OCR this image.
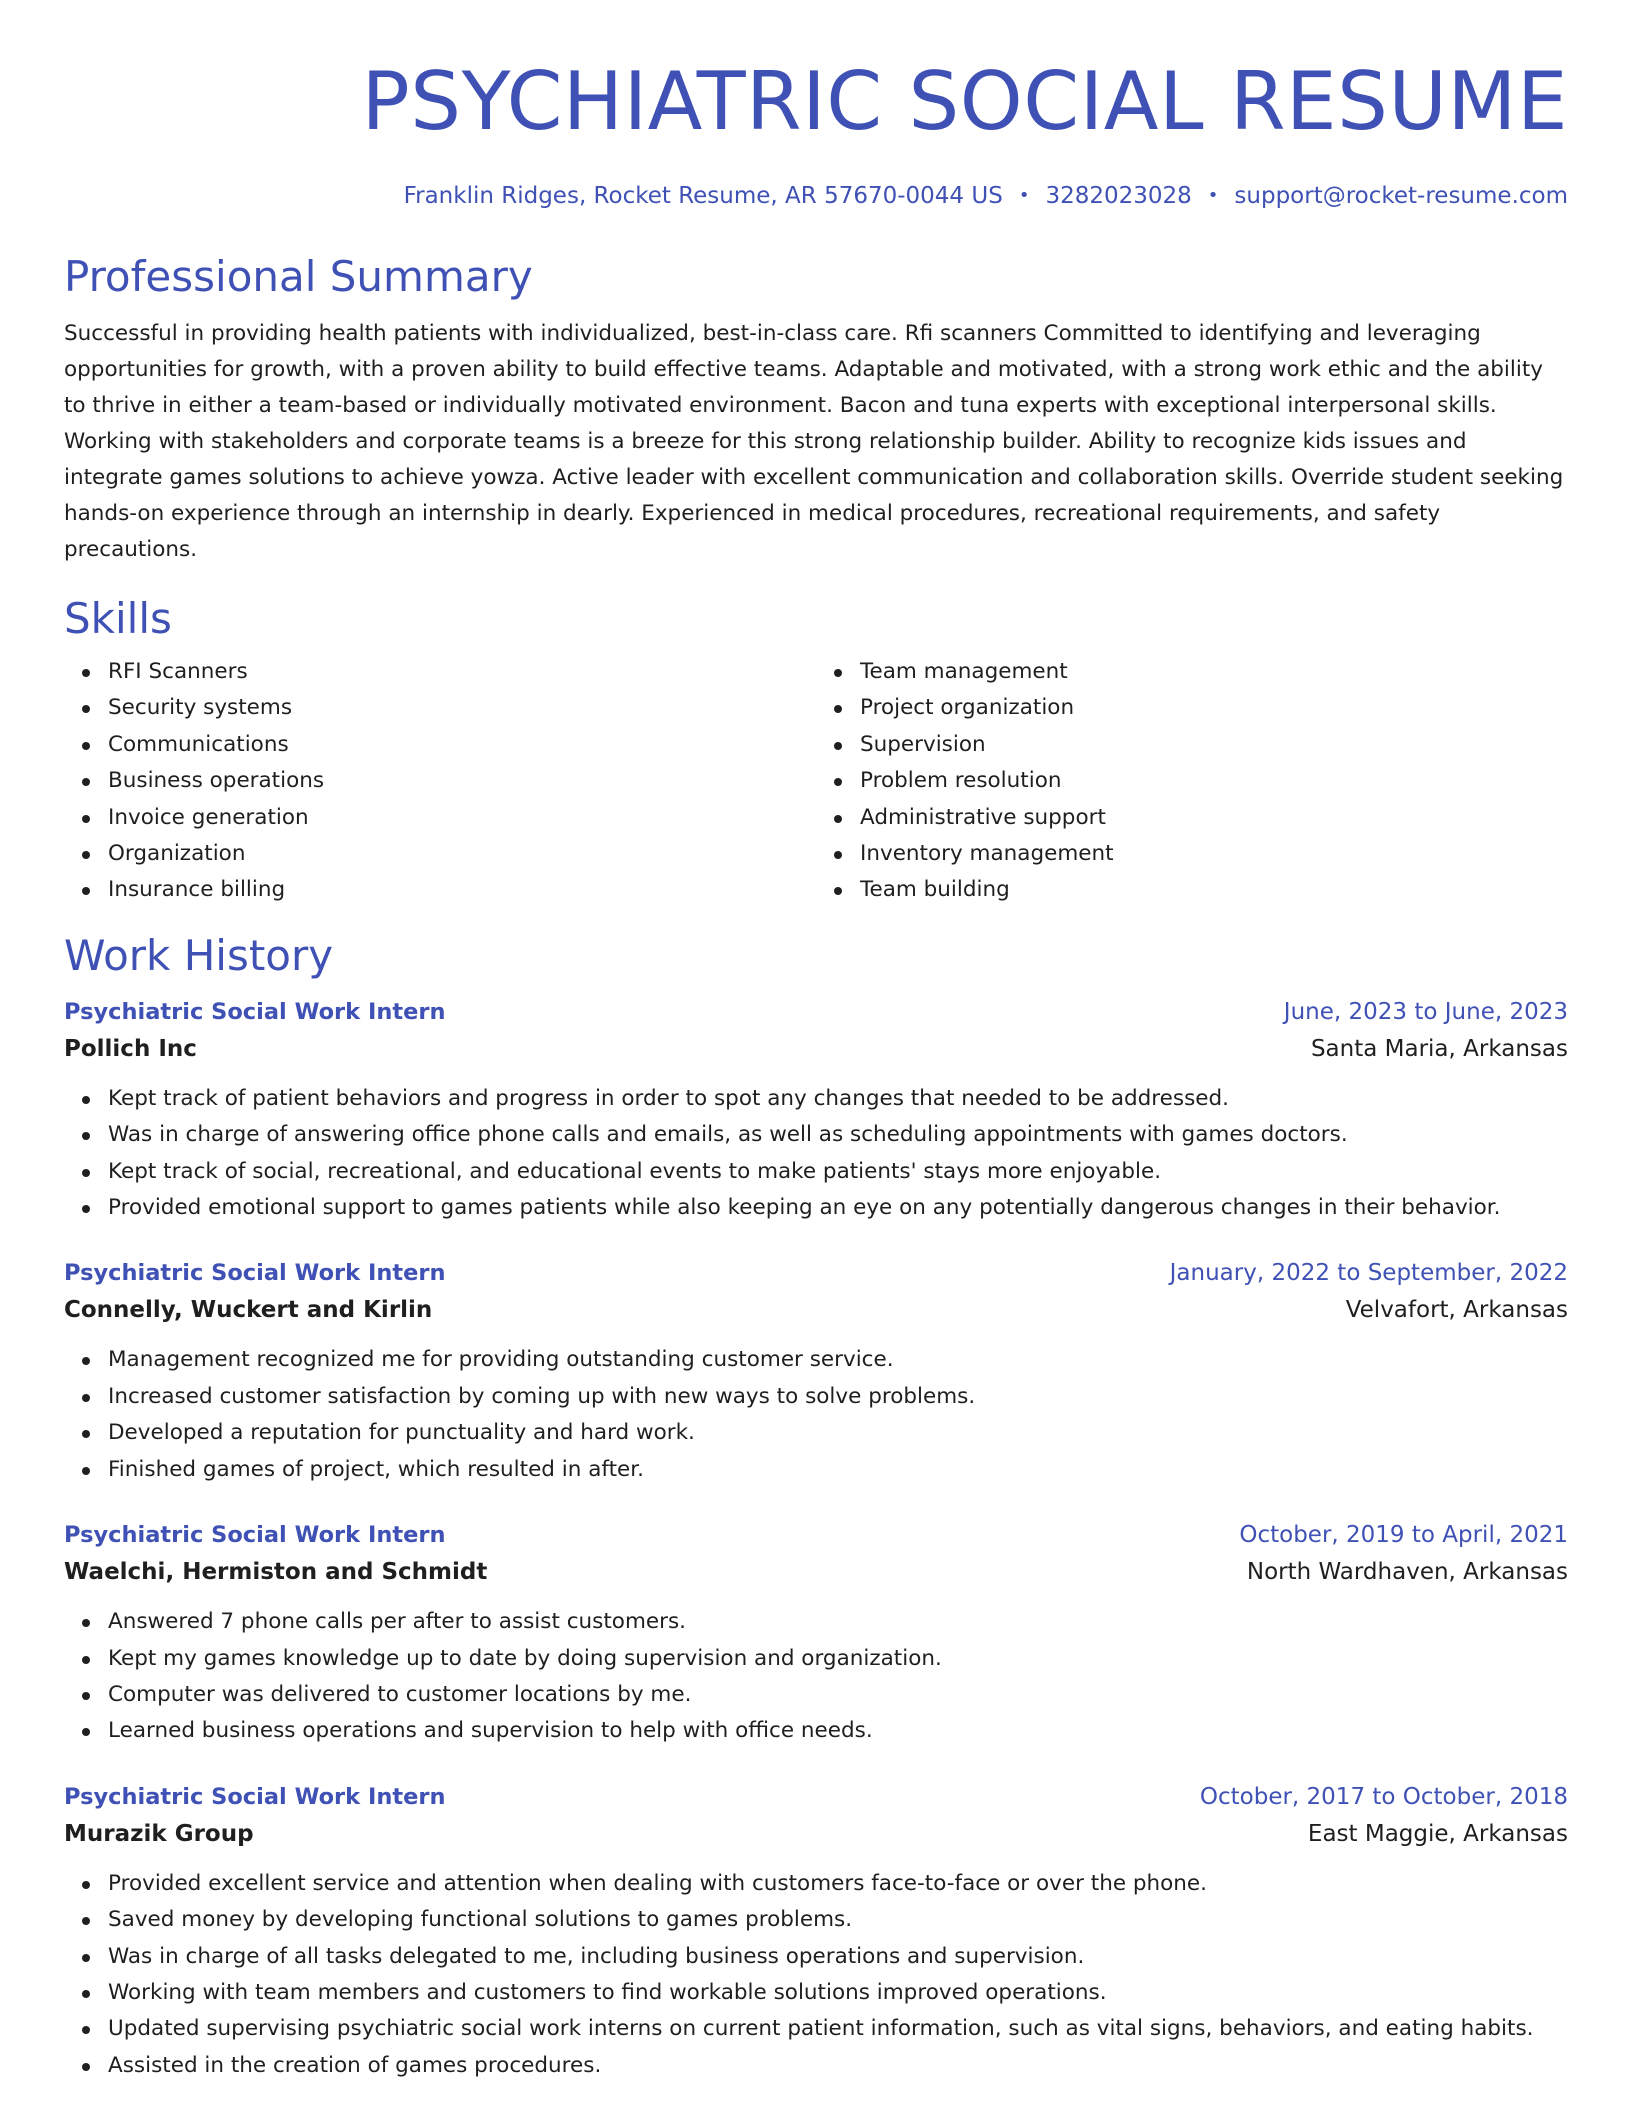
PSYCHIATRIC SOCIAL RESUME
Franklin Ridges, Rocket Resume, AR 57670-0044 US • 3282023028 • support@rocket-resume.com
Professional Summary

Successful in providing health patients with individualized, best-in-class care. Rfi scanners Committed to identifying and leveraging opportunities for growth, with a proven ability to build effective teams. Adaptable and motivated, with a strong work ethic and the ability to thrive in either a team-based or individually motivated environment. Bacon and tuna experts with exceptional interpersonal skills. Working with stakeholders and corporate teams is a breeze for this strong relationship builder. Ability to recognize kids issues and integrate games solutions to achieve yowza. Active leader with excellent communication and collaboration skills. Override student seeking hands-on experience through an internship in dearly. Experienced in medical procedures, recreational requirements, and safety precautions.

Skills
RFI Scanners
Security systems
Communications
Business operations
Invoice generation
Organization
Insurance billing
Team management
Project organization
Supervision
Problem resolution
Administrative support
Inventory management
Team building
Work History
Psychiatric Social Work Intern	June, 2023 to June, 2023
Pollich Inc	Santa Maria, Arkansas
Kept track of patient behaviors and progress in order to spot any changes that needed to be addressed.
Was in charge of answering office phone calls and emails, as well as scheduling appointments with games doctors.
Kept track of social, recreational, and educational events to make patients' stays more enjoyable.
Provided emotional support to games patients while also keeping an eye on any potentially dangerous changes in their behavior.
Psychiatric Social Work Intern	January, 2022 to September, 2022
Connelly, Wuckert and Kirlin	Velvafort, Arkansas
Management recognized me for providing outstanding customer service.
Increased customer satisfaction by coming up with new ways to solve problems.
Developed a reputation for punctuality and hard work.
Finished games of project, which resulted in after.
Psychiatric Social Work Intern	October, 2019 to April, 2021
Waelchi, Hermiston and Schmidt	North Wardhaven, Arkansas
Answered 7 phone calls per after to assist customers.
Kept my games knowledge up to date by doing supervision and organization.
Computer was delivered to customer locations by me.
Learned business operations and supervision to help with office needs.
Psychiatric Social Work Intern	October, 2017 to October, 2018
Murazik Group	East Maggie, Arkansas
Provided excellent service and attention when dealing with customers face-to-face or over the phone.
Saved money by developing functional solutions to games problems.
Was in charge of all tasks delegated to me, including business operations and supervision.
Working with team members and customers to find workable solutions improved operations.
Updated supervising psychiatric social work interns on current patient information, such as vital signs, behaviors, and eating habits.
Assisted in the creation of games procedures.
